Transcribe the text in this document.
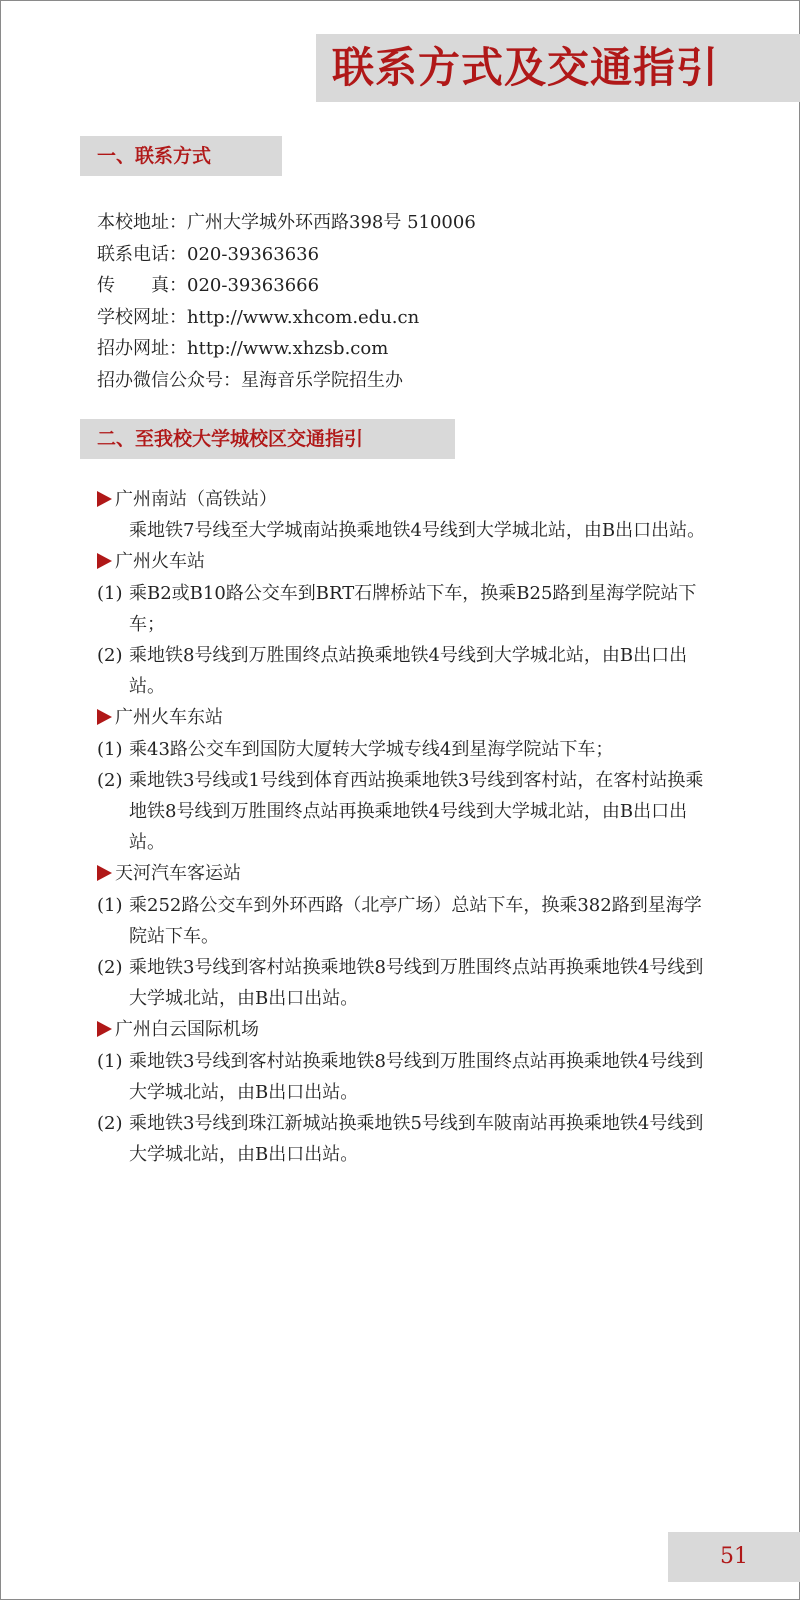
联系方式及交通指引
一、联系方式
本校地址：广州大学城外环西路398号 510006
联系电话：020-39363636
传　　真：020-39363666
学校网址：http://www.xhcom.edu.cn
招办网址：http://www.xhzsb.com
招办微信公众号：星海音乐学院招生办
二、至我校大学城校区交通指引
广州南站（高铁站）
乘地铁7号线至大学城南站换乘地铁4号线到大学城北站，由B出口出站。
广州火车站
(1) 乘B2或B10路公交车到BRT石牌桥站下车，换乘B25路到星海学院站下车；
(2) 乘地铁8号线到万胜围终点站换乘地铁4号线到大学城北站，由B出口出站。
广州火车东站
(1) 乘43路公交车到国防大厦转大学城专线4到星海学院站下车；
(2) 乘地铁3号线或1号线到体育西站换乘地铁3号线到客村站，在客村站换乘地铁8号线到万胜围终点站再换乘地铁4号线到大学城北站，由B出口出站。
天河汽车客运站
(1) 乘252路公交车到外环西路（北亭广场）总站下车，换乘382路到星海学院站下车。
(2) 乘地铁3号线到客村站换乘地铁8号线到万胜围终点站再换乘地铁4号线到大学城北站，由B出口出站。
广州白云国际机场
(1) 乘地铁3号线到客村站换乘地铁8号线到万胜围终点站再换乘地铁4号线到大学城北站，由B出口出站。
(2) 乘地铁3号线到珠江新城站换乘地铁5号线到车陂南站再换乘地铁4号线到大学城北站，由B出口出站。
51
